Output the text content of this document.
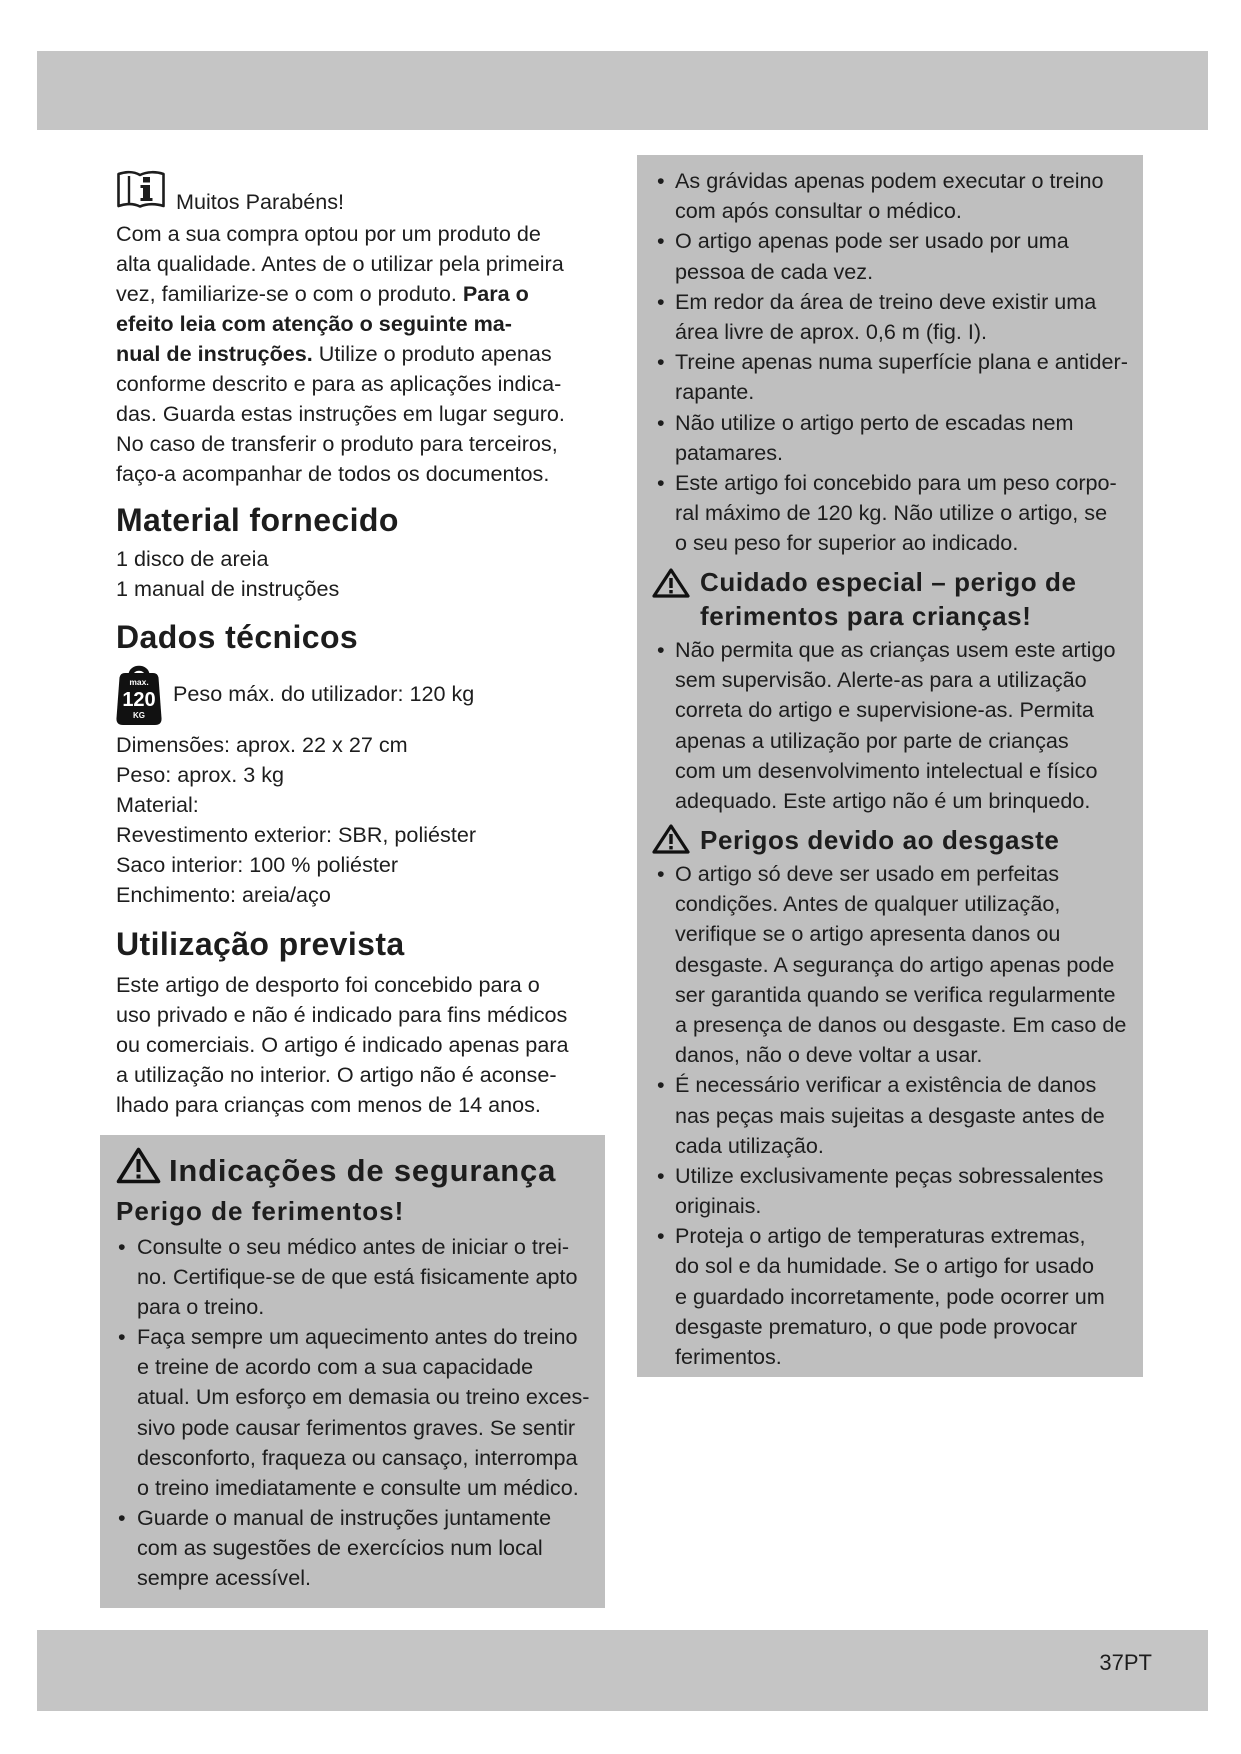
37PT
Muitos Parabéns!
Com a sua compra optou por um produto de
alta qualidade. Antes de o utilizar pela primeira
vez, familiarize-se o com o produto. Para o
efeito leia com atenção o seguinte ma-
nual de instruções. Utilize o produto apenas
conforme descrito e para as aplicações indica-
das. Guarda estas instruções em lugar seguro.
No caso de transferir o produto para terceiros,
faço-a acompanhar de todos os documentos.
Material fornecido
1 disco de areia
1 manual de instruções
Dados técnicos
max.
120
KG
Peso máx. do utilizador: 120 kg
Dimensões: aprox. 22 x 27 cm
Peso: aprox. 3 kg
Material:
Revestimento exterior: SBR, poliéster
Saco interior: 100 % poliéster
Enchimento: areia/aço
Utilização prevista
Este artigo de desporto foi concebido para o
uso privado e não é indicado para fins médicos
ou comerciais. O artigo é indicado apenas para
a utilização no interior. O artigo não é aconse-
lhado para crianças com menos de 14 anos.
Indicações de segurança
Perigo de ferimentos!
• Consulte o seu médico antes de iniciar o trei-
no. Certifique-se de que está fisicamente apto
para o treino.
• Faça sempre um aquecimento antes do treino
e treine de acordo com a sua capacidade
atual. Um esforço em demasia ou treino exces-
sivo pode causar ferimentos graves. Se sentir
desconforto, fraqueza ou cansaço, interrompa
o treino imediatamente e consulte um médico.
• Guarde o manual de instruções juntamente
com as sugestões de exercícios num local
sempre acessível.
• As grávidas apenas podem executar o treino
com após consultar o médico.
• O artigo apenas pode ser usado por uma
pessoa de cada vez.
• Em redor da área de treino deve existir uma
área livre de aprox. 0,6 m (fig. I).
• Treine apenas numa superfície plana e antider-
rapante.
• Não utilize o artigo perto de escadas nem
patamares.
• Este artigo foi concebido para um peso corpo-
ral máximo de 120 kg. Não utilize o artigo, se
o seu peso for superior ao indicado.
Cuidado especial – perigo de
ferimentos para crianças!
• Não permita que as crianças usem este artigo
sem supervisão. Alerte-as para a utilização
correta do artigo e supervisione-as. Permita
apenas a utilização por parte de crianças
com um desenvolvimento intelectual e físico
adequado. Este artigo não é um brinquedo.
Perigos devido ao desgaste
• O artigo só deve ser usado em perfeitas
condições. Antes de qualquer utilização,
verifique se o artigo apresenta danos ou
desgaste. A segurança do artigo apenas pode
ser garantida quando se verifica regularmente
a presença de danos ou desgaste. Em caso de
danos, não o deve voltar a usar.
• É necessário verificar a existência de danos
nas peças mais sujeitas a desgaste antes de
cada utilização.
• Utilize exclusivamente peças sobressalentes
originais.
• Proteja o artigo de temperaturas extremas,
do sol e da humidade. Se o artigo for usado
e guardado incorretamente, pode ocorrer um
desgaste prematuro, o que pode provocar
ferimentos.
